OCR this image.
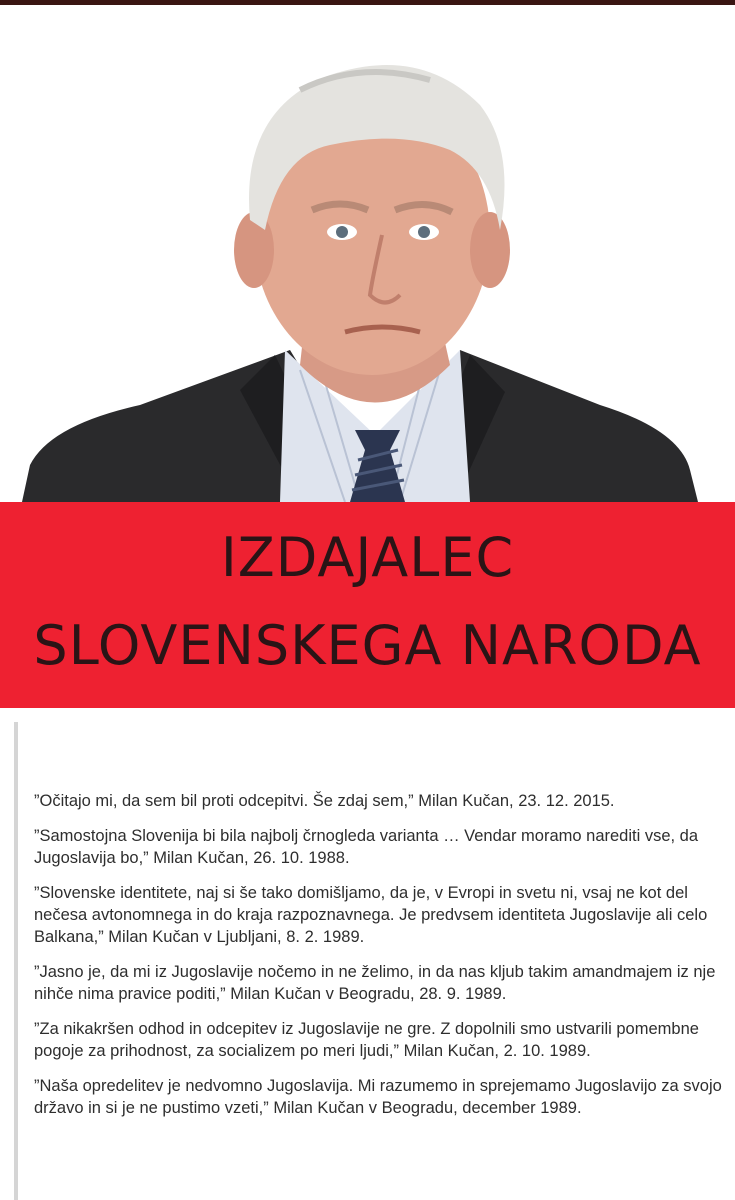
IZDAJALEC
SLOVENSKEGA NARODA

”Očitajo mi, da sem bil proti odcepitvi. Še zdaj sem,” Milan Kučan, 23. 12. 2015.

”Samostojna Slovenija bi bila najbolj črnogleda varianta … Vendar moramo narediti vse, da Jugoslavija bo,” Milan Kučan, 26. 10. 1988.

”Slovenske identitete, naj si še tako domišljamo, da je, v Evropi in svetu ni, vsaj ne kot del nečesa avtonomnega in do kraja razpoznavnega. Je predvsem identiteta Jugoslavije ali celo Balkana,” Milan Kučan v Ljubljani, 8. 2. 1989.

”Jasno je, da mi iz Jugoslavije nočemo in ne želimo, in da nas kljub takim amandmajem iz nje nihče nima pravice poditi,” Milan Kučan v Beogradu, 28. 9. 1989.

”Za nikakršen odhod in odcepitev iz Jugoslavije ne gre. Z dopolnili smo ustvarili pomembne pogoje za prihodnost, za socializem po meri ljudi,” Milan Kučan, 2. 10. 1989.

”Naša opredelitev je nedvomno Jugoslavija. Mi razumemo in sprejemamo Jugoslavijo za svojo državo in si je ne pustimo vzeti,” Milan Kučan v Beogradu, december 1989.
